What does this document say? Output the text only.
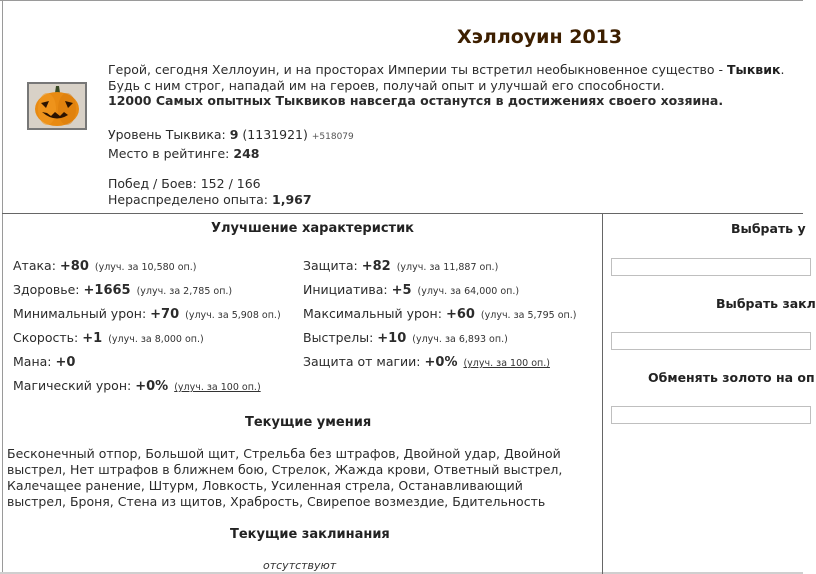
Хэллоуин 2013
Герой, сегодня Хеллоуин, и на просторах Империи ты встретил необыкновенное существо - Тыквик.
Будь с ним строг, нападай им на героев, получай опыт и улучшай его способности.
12000 Самых опытных Тыквиков навсегда останутся в достижениях своего хозяина.
Уровень Тыквика: 9 (1131921) +518079
Место в рейтинге: 248
Побед / Боев: 152 / 166
Нераспределено опыта: 1,967
Улучшение характеристик
Атака: +80 (улуч. за 10,580 оп.)
Здоровье: +1665 (улуч. за 2,785 оп.)
Минимальный урон: +70 (улуч. за 5,908 оп.)
Скорость: +1 (улуч. за 8,000 оп.)
Мана: +0
Магический урон: +0% (улуч. за 100 оп.)
Защита: +82 (улуч. за 11,887 оп.)
Инициатива: +5 (улуч. за 64,000 оп.)
Максимальный урон: +60 (улуч. за 5,795 оп.)
Выстрелы: +10 (улуч. за 6,893 оп.)
Защита от магии: +0% (улуч. за 100 оп.)
Текущие умения
Бесконечный отпор, Большой щит, Стрельба без штрафов, Двойной удар, Двойной выстрел, Нет штрафов в ближнем бою, Стрелок, Жажда крови, Ответный выстрел, Калечащее ранение, Штурм, Ловкость, Усиленная стрела, Останавливающий выстрел, Броня, Стена из щитов, Храбрость, Свирепое возмездие, Бдительность
Текущие заклинания
отсутствуют
Выбрать у
Выбрать закл
Обменять золото на оп
